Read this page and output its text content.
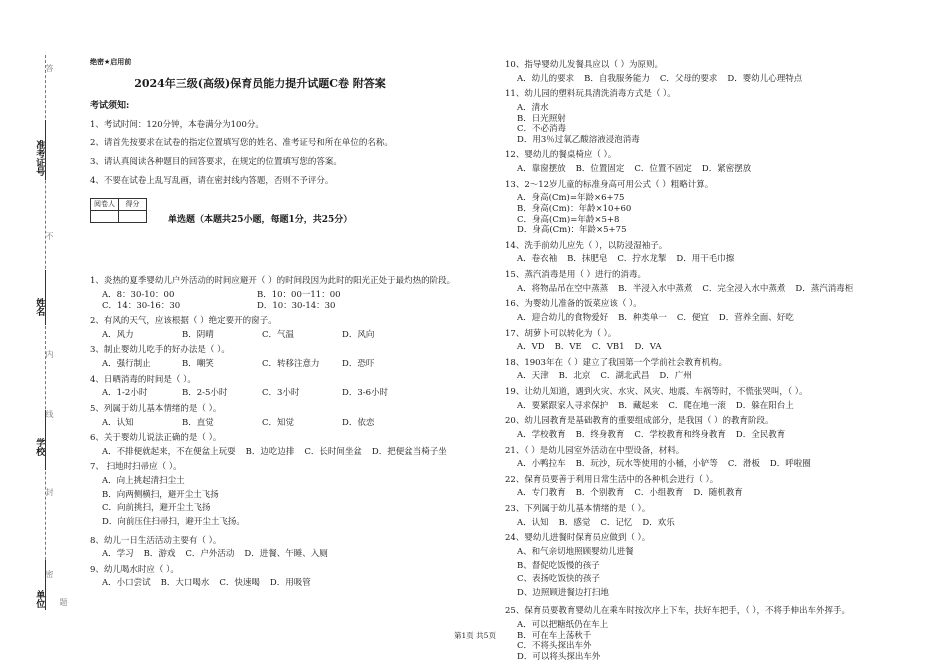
准考证号
姓名
学校
单位
答
不
内
线
封
密
题
绝密★启用前
2024年三级(高级)保育员能力提升试题C卷 附答案
考试须知:
1、考试时间：120分钟，本卷满分为100分。
2、请首先按要求在试卷的指定位置填写您的姓名、准考证号和所在单位的名称。
3、请认真阅读各种题目的回答要求，在规定的位置填写您的答案。
4、不要在试卷上乱写乱画，请在密封线内答题，否则不予评分。
阅卷人	得分

单选题（本题共25小题，每题1分，共25分）
1、炎热的夏季婴幼儿户外活动的时间应避开（ ）的时间段因为此时的阳光正处于最灼热的阶段。
A．8：30-10：00	B．10：00一11：00
C．14：30-16：30	D．10：30-14：30
2、有风的天气，应该根据（ ）绝定要开的窗子。
A．风力	B．阴晴	C．气温	D．风向
3、制止婴幼儿吃手的好办法是（ ）。
A．强行制止	B．嘲笑	C．转移注意力	D．恐吓
4、日晒消毒的时间是（ ）。
A．1-2小时	B．2-5小时	C．3小时	D．3-6小时
5、列属于幼儿基本情绪的是（ ）。
A．认知	B．直觉	C．知觉	D．依恋
6、关于婴幼儿说法正确的是（ ）。
A．不排便就起来，不在便盆上玩耍 B．边吃边排 C．长时间坐盆 D．把便盆当椅子坐
7、 扫地时扫帚应（ ）。
A．向上挑起清扫尘土
B．向两侧横扫，避开尘土飞扬
C．向前挑扫，避开尘土飞扬
D．向前压住扫帚扫，避开尘土飞扬。
8、幼儿一日生活活动主要有（ ）。
A．学习 B．游戏 C．户外活动 D．进餐、午睡、入厕
9、幼儿喝水时应（ ）。
A．小口尝试 B．大口喝水 C．快速喝 D．用吸管
10、指导婴幼儿发餐具应以（ ）为原则。
A．幼儿的要求 B．自我服务能力 C．父母的要求 D．婴幼儿心理特点
11、幼儿园的塑料玩具清洗消毒方式是（ ）。
A．清水
B．日光照射
C．不必消毒
D．用3％过氧乙酸溶液浸泡消毒
12、婴幼儿的餐桌椅应（ ）。
A．靠窗摆放 B．位置固定 C．位置不固定 D．紧密摆放
13、2～12岁儿童的标准身高可用公式（ ）粗略计算。
A．身高(Cm)=年龄×6+75
B．身高(Cm)：年龄×10+60
C．身高(Cm)=年龄×5+8
D．身高(Cm)：年龄×5+75
14、洗手前幼儿应先（ ），以防浸湿袖子。
A．卷衣袖 B．抹肥皂 C．拧水龙掣 D．用干毛巾擦
15、蒸汽消毒是用（ ）进行的消毒。
A．将物品吊在空中蒸蒸 B．半浸入水中蒸煮 C．完全浸入水中蒸煮 D．蒸汽消毒柜
16、为婴幼儿准备的饭菜应该（ ）。
A．迎合幼儿的食物爱好 B．种类单一 C．便宜 D．营养全面、好吃
17、胡萝卜可以转化为（ ）。
A．VD B．VE C．VB1 D．VA
18、1903年在（ ）建立了我国第一个学前社会教育机构。
A．天津 B．北京 C．湖北武昌 D．广州
19、让幼儿知道，遇到火灾、水灾、风灾、地震、车祸等时，不慌张哭叫，（ ）。
A．要紧跟家人寻求保护 B．藏起来 C．爬在地一滚 D．躲在阳台上
20、幼儿园教育是基础教育的重要组成部分，是我国（ ）的教育阶段。
A．学校教育 B．终身教育 C．学校教育和终身教育 D．全民教育
21、（ ）是幼儿园室外活动在中型设备，材料。
A．小鸭拉车 B．玩沙，玩水等使用的小桶，小铲等 C．滑板 D．呼啦圈
22、保育员要善于利用日常生活中的各种机会进行（ ）。
A．专门教育 B．个别教育 C．小组教育 D．随机教育
23、下列属于幼儿基本情绪的是（ ）。
A．认知 B．感觉 C．记忆 D．欢乐
24、婴幼儿进餐时保育员应做到（ ）。
A、和气亲切地照顾婴幼儿进餐
B、督促吃饭慢的孩子
C、表扬吃饭快的孩子
D、边照顾进餐边打扫地
25、保育员要教育婴幼儿在乘车时按次序上下车，扶好车把手，（ ），不将手伸出车外挥手。
A．可以把糖纸仍在车上
B．可在车上荡秋千
C．不将头探出车外
D．可以将头探出车外
第1页 共5页
